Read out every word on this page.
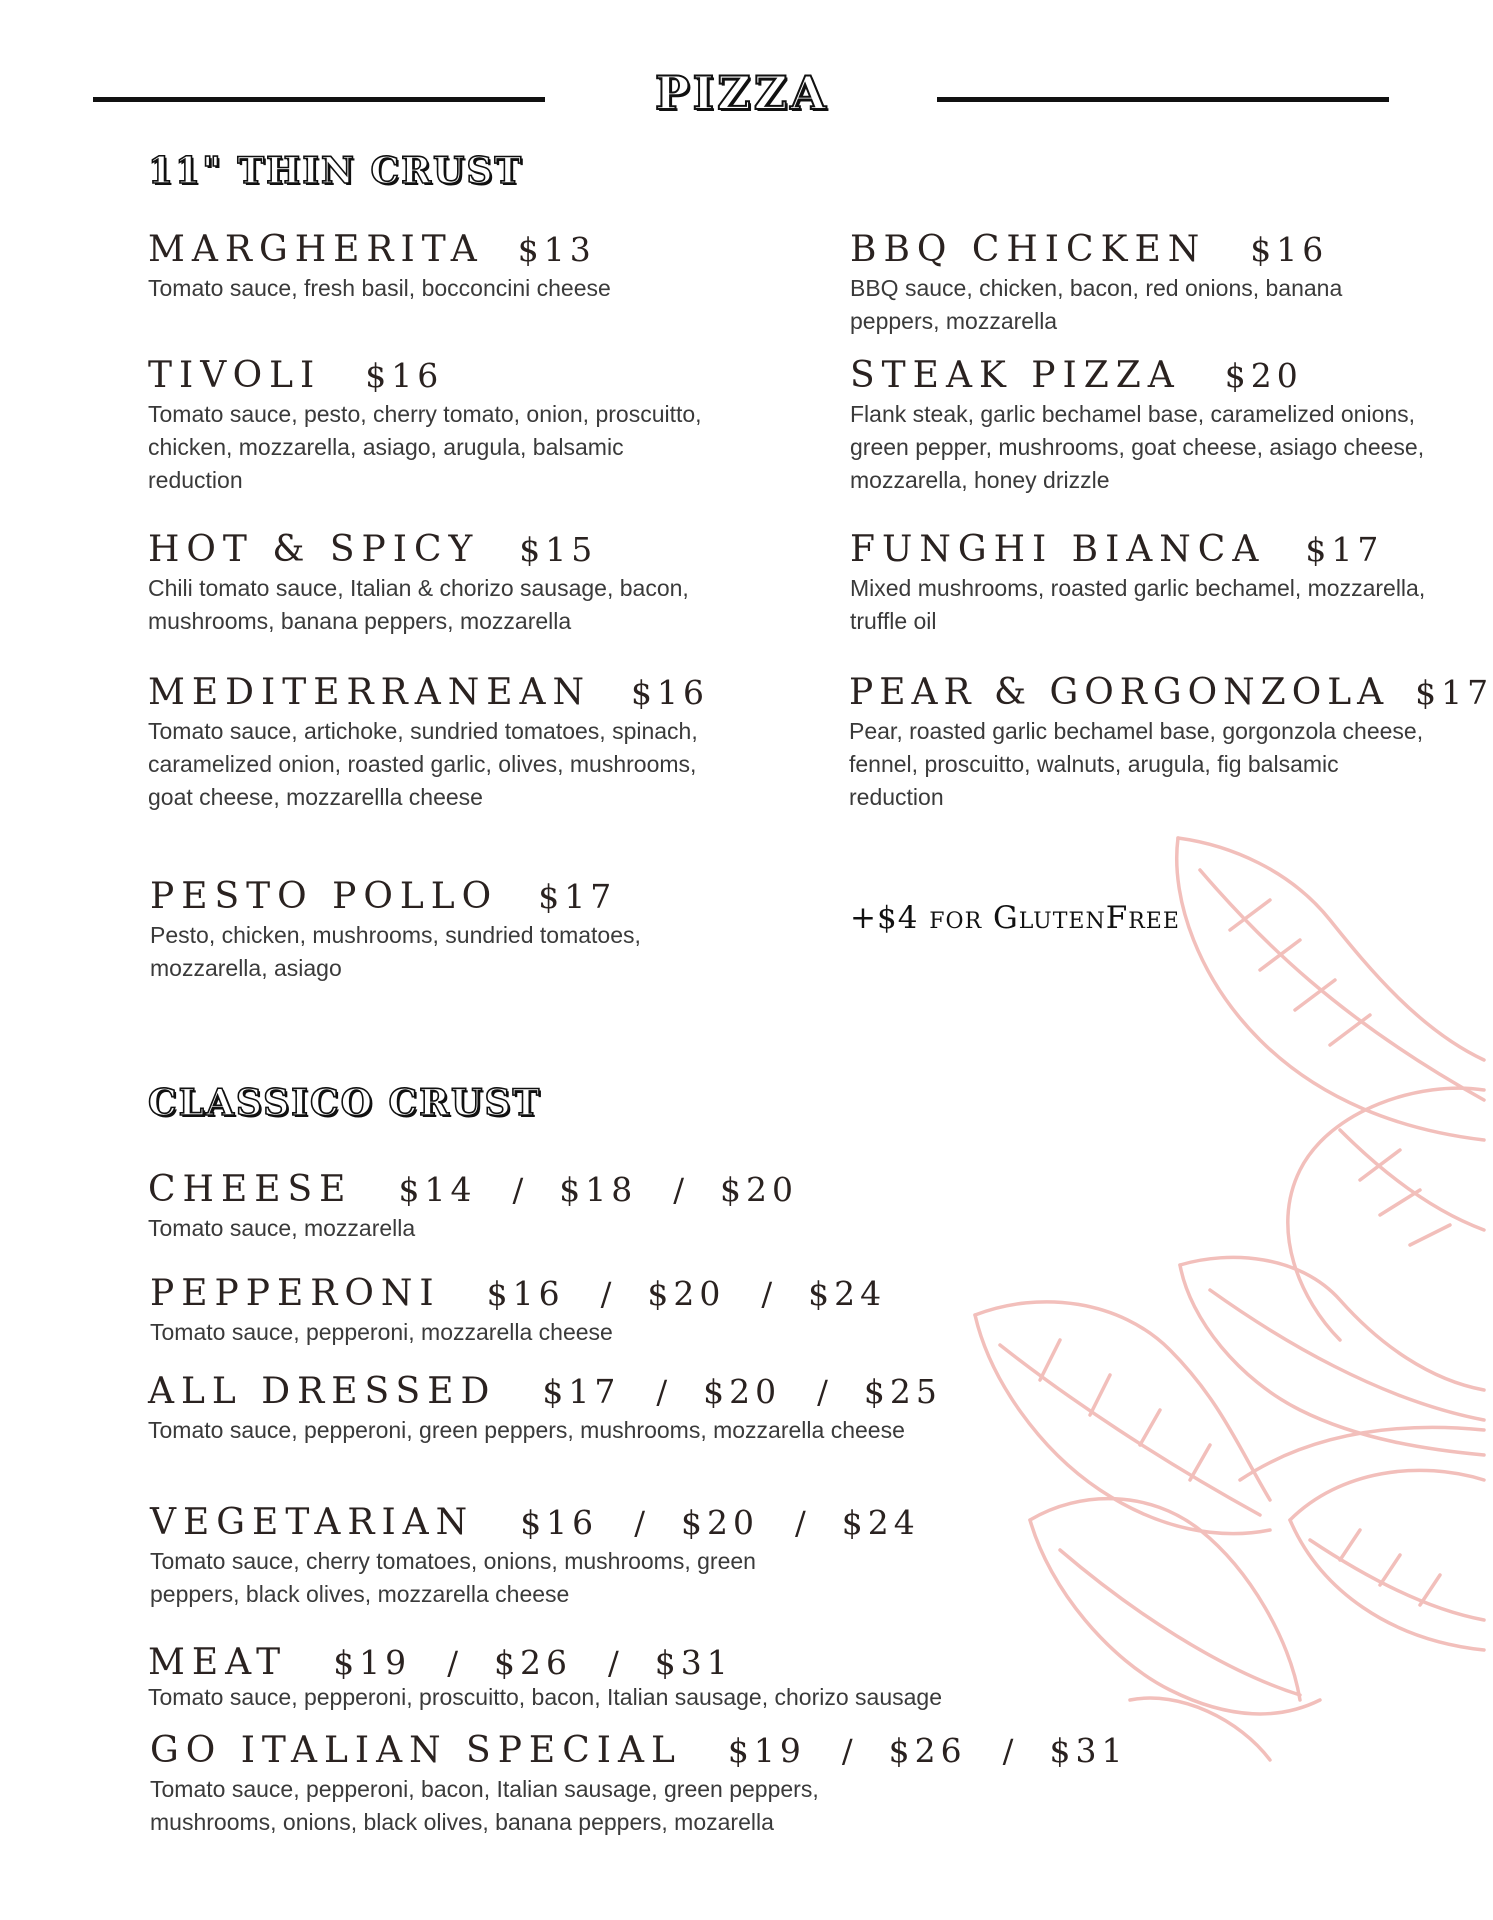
PIZZA
11" THIN CRUST
MARGHERITA $13
Tomato sauce, fresh basil, bocconcini cheese
TIVOLI $16
Tomato sauce, pesto, cherry tomato, onion, proscuitto, chicken, mozzarella, asiago, arugula, balsamic reduction
HOT & SPICY $15
Chili tomato sauce, Italian & chorizo sausage, bacon, mushrooms, banana peppers, mozzarella
MEDITERRANEAN $16
Tomato sauce, artichoke, sundried tomatoes, spinach, caramelized onion, roasted garlic, olives, mushrooms, goat cheese, mozzarellla cheese
PESTO POLLO $17
Pesto, chicken, mushrooms, sundried tomatoes, mozzarella, asiago
BBQ CHICKEN $16
BBQ sauce, chicken, bacon, red onions, banana peppers, mozzarella
STEAK PIZZA $20
Flank steak, garlic bechamel base, caramelized onions, green pepper, mushrooms, goat cheese, asiago cheese, mozzarella, honey drizzle
FUNGHI BIANCA $17
Mixed mushrooms, roasted garlic bechamel, mozzarella, truffle oil
PEAR & GORGONZOLA $17
Pear, roasted garlic bechamel base, gorgonzola cheese, fennel, proscuitto, walnuts, arugula, fig balsamic reduction
+$4 for GlutenFree
CLASSICO CRUST
CHEESE $14 / $18 / $20
Tomato sauce, mozzarella
PEPPERONI $16 / $20 / $24
Tomato sauce, pepperoni, mozzarella cheese
ALL DRESSED $17 / $20 / $25
Tomato sauce, pepperoni, green peppers, mushrooms, mozzarella cheese
VEGETARIAN $16 / $20 / $24
Tomato sauce, cherry tomatoes, onions, mushrooms, green peppers, black olives, mozzarella cheese
MEAT $19 / $26 / $31
Tomato sauce, pepperoni, proscuitto, bacon, Italian sausage, chorizo sausage
GO ITALIAN SPECIAL $19 / $26 / $31
Tomato sauce, pepperoni, bacon, Italian sausage, green peppers, mushrooms, onions, black olives, banana peppers, mozarella
